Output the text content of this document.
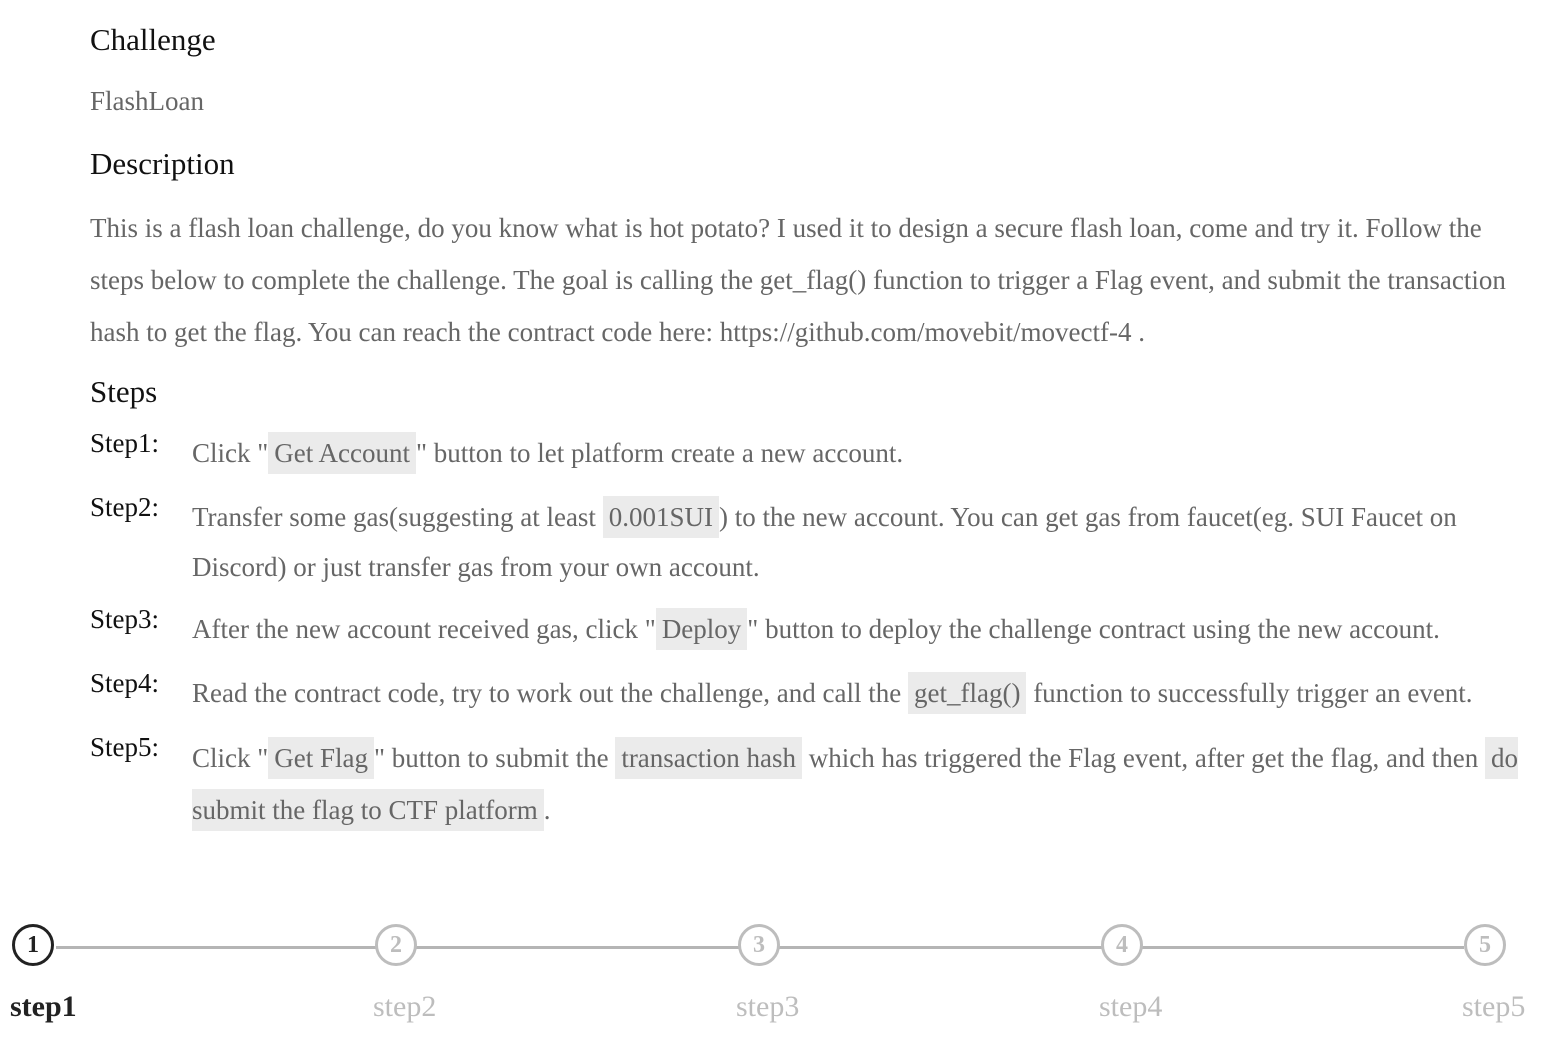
Challenge
FlashLoan
Description
This is a flash loan challenge, do you know what is hot potato? I used it to design a secure flash loan, come and try it. Follow the steps below to complete the challenge. The goal is calling the get_flag() function to trigger a Flag event, and submit the transaction hash to get the flag. You can reach the contract code here: https://github.com/movebit/movectf-4 .
Steps
Step1: Click " Get Account " button to let platform create a new account.
Step2: Transfer some gas(suggesting at least 0.001SUI ) to the new account. You can get gas from faucet(eg. SUI Faucet on Discord) or just transfer gas from your own account.
Step3: After the new account received gas, click " Deploy " button to deploy the challenge contract using the new account.
Step4: Read the contract code, try to work out the challenge, and call the get_flag() function to successfully trigger an event.
Step5: Click " Get Flag " button to submit the transaction hash which has triggered the Flag event, after get the flag, and then do submit the flag to CTF platform .
1	2	3	4	5
step1	step2	step3	step4	step5
